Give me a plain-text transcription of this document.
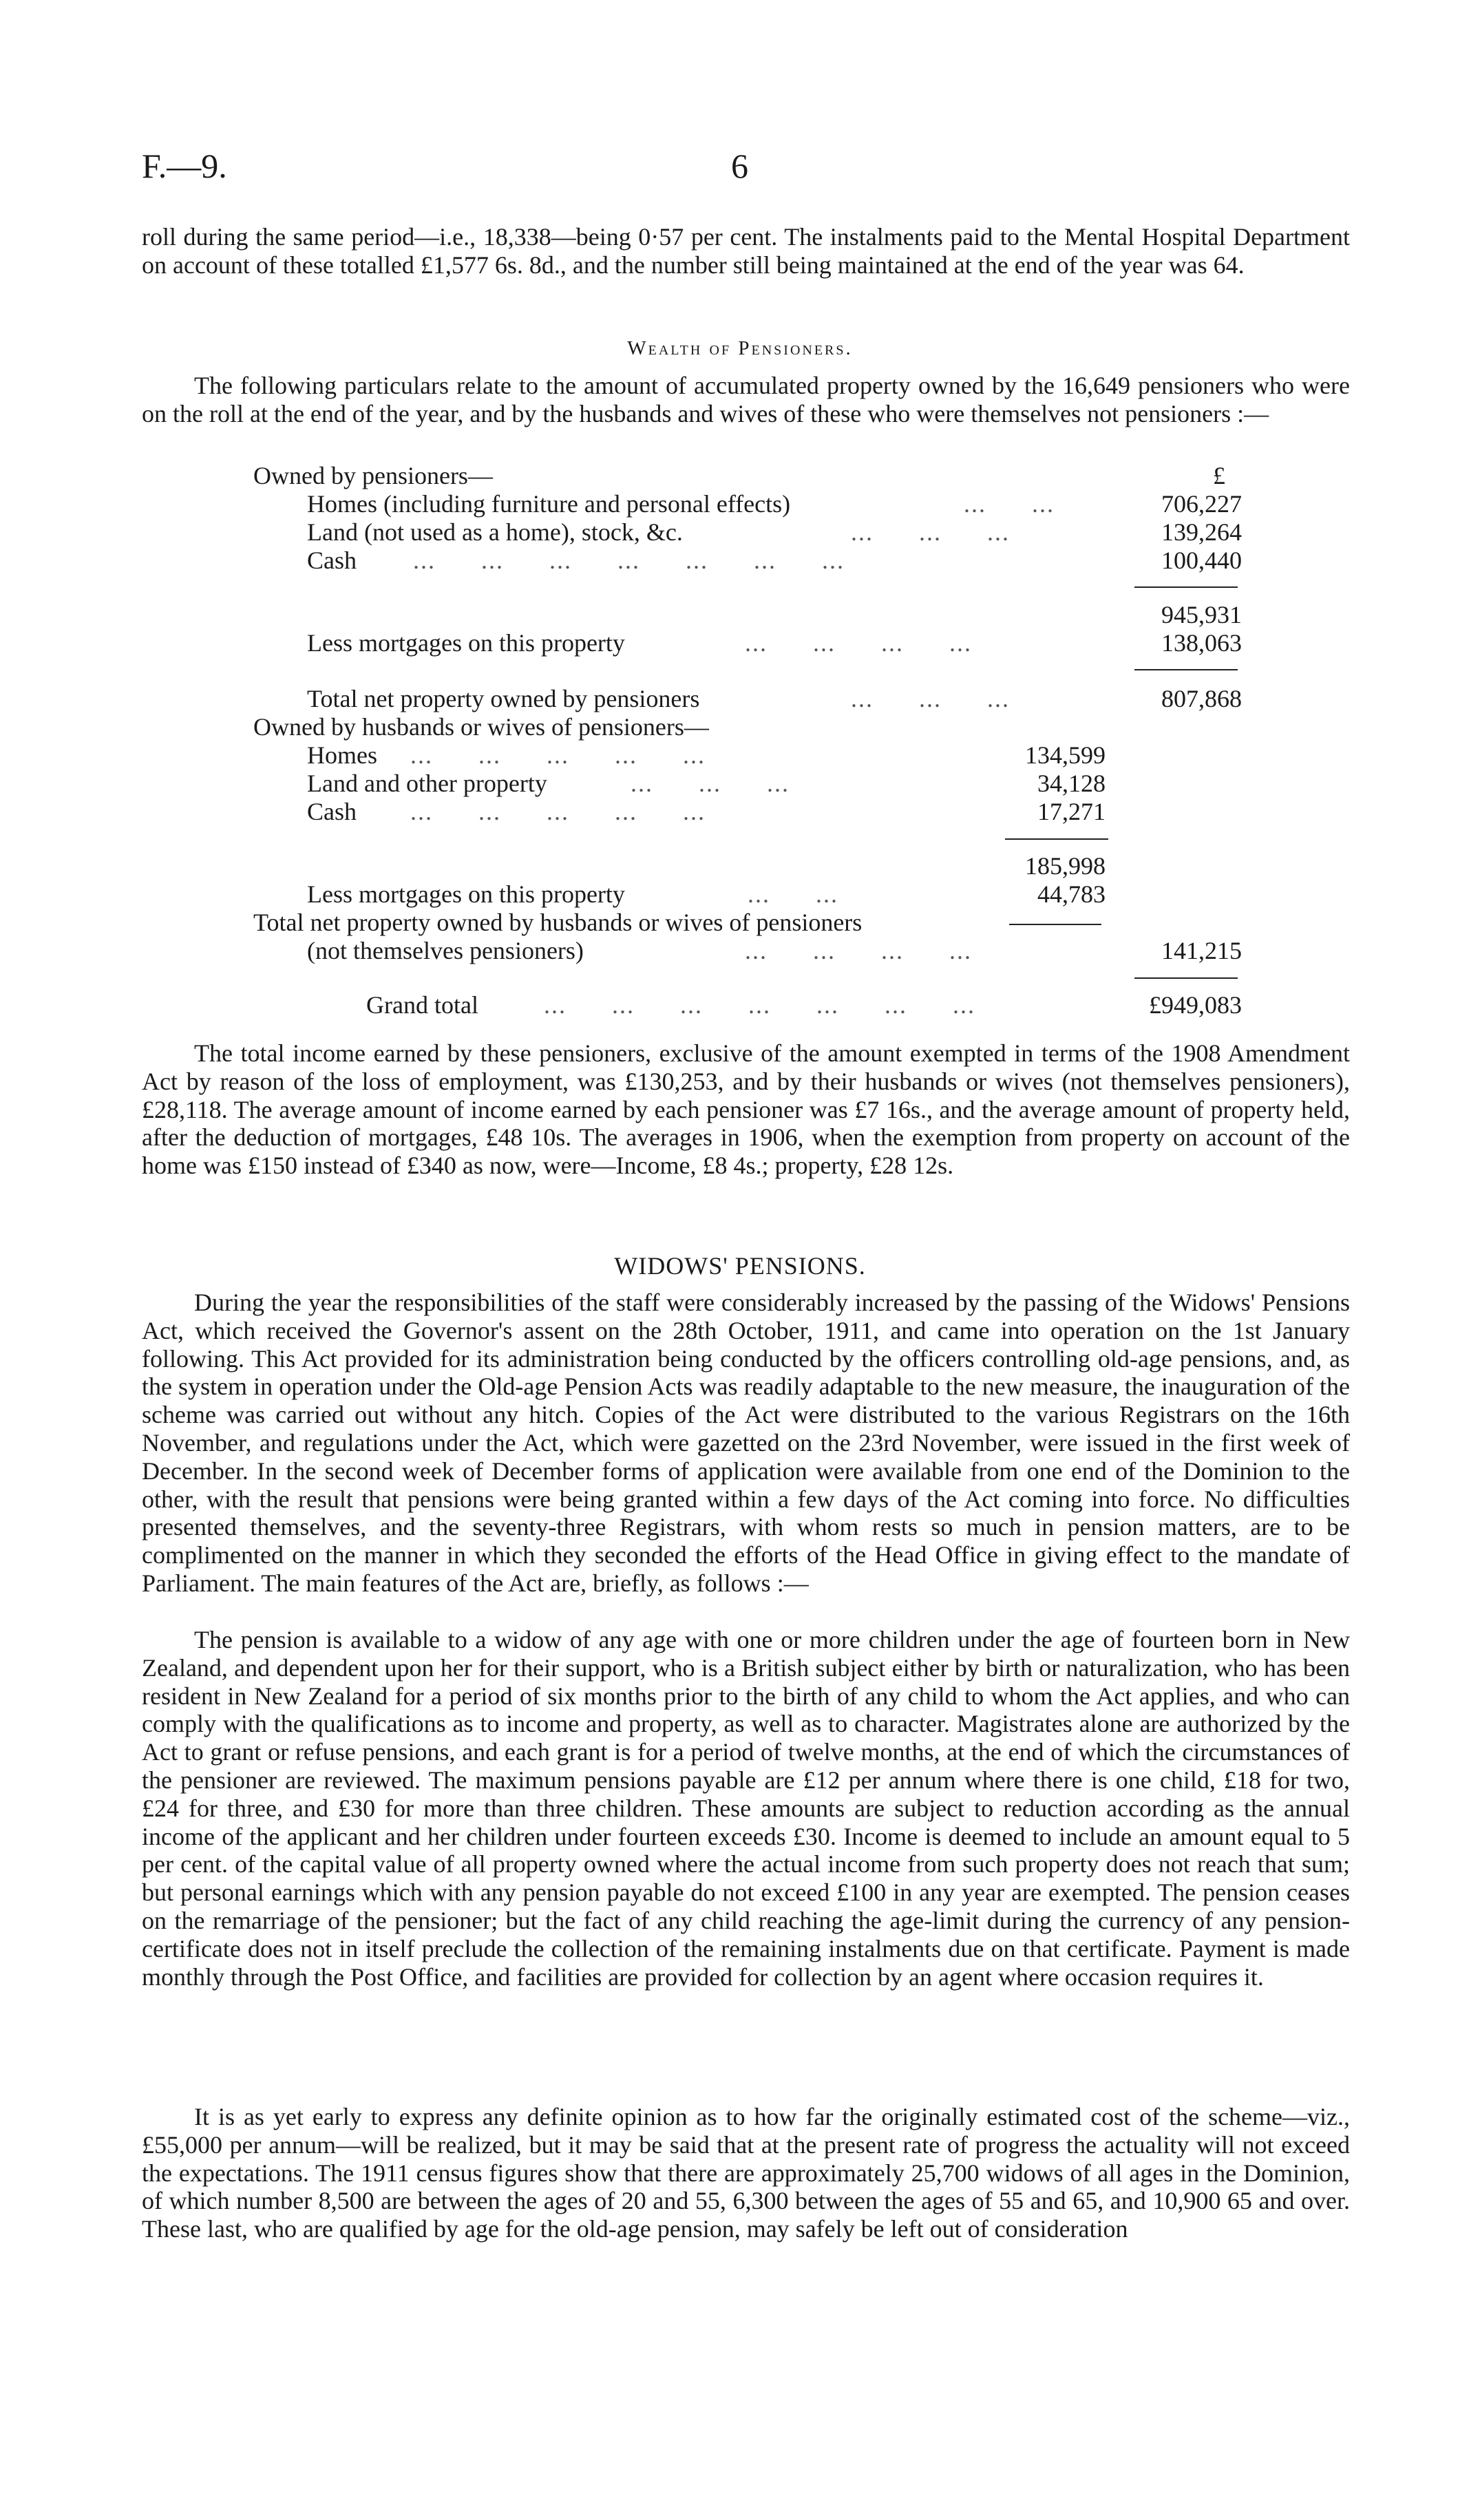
F.—9.	6

roll during the same period—i.e., 18,338—being 0·57 per cent. The instalments paid to the Mental Hospital Department on account of these totalled £1,577 6s. 8d., and the number still being maintained at the end of the year was 64.

Wealth of Pensioners.

The following particulars relate to the amount of accumulated property owned by the 16,649 pensioners who were on the roll at the end of the year, and by the husbands and wives of these who were themselves not pensioners :—

Owned by pensioners—	£
Homes (including furniture and personal effects)	...      ...	706,227
Land (not used as a home), stock, &c.	...      ...      ...	139,264
Cash ...      ...      ...      ...      ...      ...      ...	100,440
945,931
Less mortgages on this property	...      ...      ...      ...	138,063
Total net property owned by pensioners	...      ...      ...	807,868
Owned by husbands or wives of pensioners—
Homes ...      ...      ...      ...      ...	134,599
Land and other property	...      ...      ...	34,128
Cash ...      ...      ...      ...      ...	17,271
185,998
Less mortgages on this property	...      ...	44,783
Total net property owned by husbands or wives of pensioners
(not themselves pensioners)	...      ...      ...      ...	141,215
Grand total	...      ...      ...      ...      ...      ...      ...	£949,083

The total income earned by these pensioners, exclusive of the amount exempted in terms of the 1908 Amendment Act by reason of the loss of employment, was £130,253, and by their husbands or wives (not themselves pensioners), £28,118. The average amount of income earned by each pensioner was £7 16s., and the average amount of property held, after the deduction of mortgages, £48 10s. The averages in 1906, when the exemption from property on account of the home was £150 instead of £340 as now, were—Income, £8 4s.; property, £28 12s.

WIDOWS' PENSIONS.

During the year the responsibilities of the staff were considerably increased by the passing of the Widows' Pensions Act, which received the Governor's assent on the 28th October, 1911, and came into operation on the 1st January following. This Act provided for its administration being conducted by the officers controlling old-age pensions, and, as the system in operation under the Old-age Pension Acts was readily adaptable to the new measure, the inauguration of the scheme was carried out without any hitch. Copies of the Act were distributed to the various Registrars on the 16th November, and regulations under the Act, which were gazetted on the 23rd November, were issued in the first week of December. In the second week of December forms of application were available from one end of the Dominion to the other, with the result that pensions were being granted within a few days of the Act coming into force. No difficulties presented themselves, and the seventy-three Registrars, with whom rests so much in pension matters, are to be complimented on the manner in which they seconded the efforts of the Head Office in giving effect to the mandate of Parliament. The main features of the Act are, briefly, as follows :—

The pension is available to a widow of any age with one or more children under the age of fourteen born in New Zealand, and dependent upon her for their support, who is a British subject either by birth or naturalization, who has been resident in New Zealand for a period of six months prior to the birth of any child to whom the Act applies, and who can comply with the qualifications as to income and property, as well as to character. Magistrates alone are authorized by the Act to grant or refuse pensions, and each grant is for a period of twelve months, at the end of which the circumstances of the pensioner are reviewed. The maximum pensions payable are £12 per annum where there is one child, £18 for two, £24 for three, and £30 for more than three children. These amounts are subject to reduction according as the annual income of the applicant and her children under fourteen exceeds £30. Income is deemed to include an amount equal to 5 per cent. of the capital value of all property owned where the actual income from such property does not reach that sum; but personal earnings which with any pension payable do not exceed £100 in any year are exempted. The pension ceases on the remarriage of the pensioner; but the fact of any child reaching the age-limit during the currency of any pension-certificate does not in itself preclude the collection of the remaining instalments due on that certificate. Payment is made monthly through the Post Office, and facilities are provided for collection by an agent where occasion requires it.

It is as yet early to express any definite opinion as to how far the originally estimated cost of the scheme—viz., £55,000 per annum—will be realized, but it may be said that at the present rate of progress the actuality will not exceed the expectations. The 1911 census figures show that there are approximately 25,700 widows of all ages in the Dominion, of which number 8,500 are between the ages of 20 and 55, 6,300 between the ages of 55 and 65, and 10,900 65 and over. These last, who are qualified by age for the old-age pension, may safely be left out of consideration
